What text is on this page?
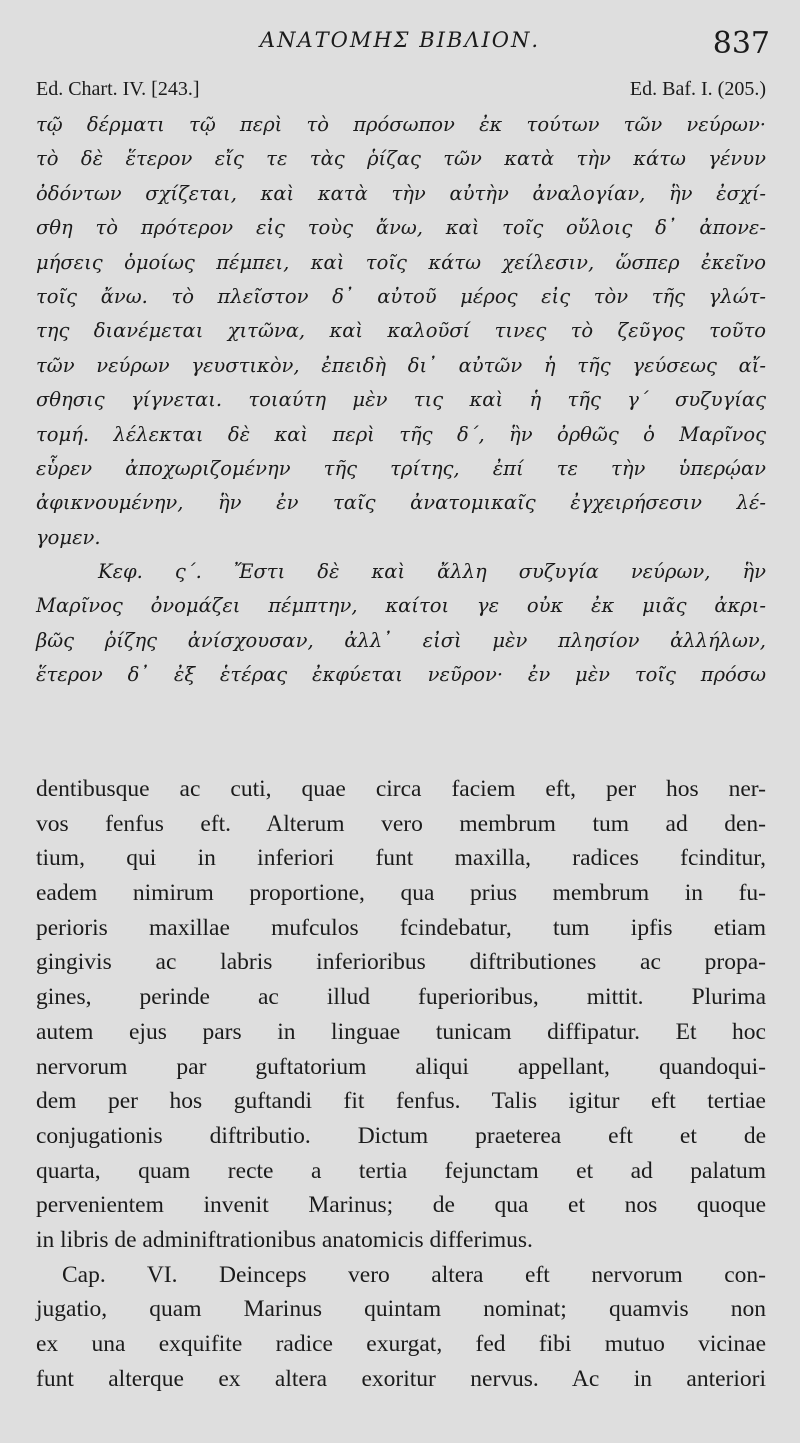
ΑΝΑΤΟΜΗΣ ΒΙΒΛΙΟΝ.	837
Ed. Chart. IV. [243.]	Ed. Baf. I. (205.)
τῷ δέρματι τῷ περὶ τὸ πρόσωπον ἐκ τούτων τῶν νεύρων·
τὸ δὲ ἕτερον εἴς τε τὰς ῥίζας τῶν κατὰ τὴν κάτω γένυν
ὀδόντων σχίζεται, καὶ κατὰ τὴν αὐτὴν ἀναλογίαν, ἣν ἐσχί-
σθη τὸ πρότερον εἰς τοὺς ἄνω, καὶ τοῖς οὔλοις δ᾽ ἀπονε-
μήσεις ὁμοίως πέμπει, καὶ τοῖς κάτω χείλεσιν, ὥσπερ ἐκεῖνο
τοῖς ἄνω. τὸ πλεῖστον δ᾽ αὐτοῦ μέρος εἰς τὸν τῆς γλώτ-
της διανέμεται χιτῶνα, καὶ καλοῦσί τινες τὸ ζεῦγος τοῦτο
τῶν νεύρων γευστικὸν, ἐπειδὴ δι᾽ αὐτῶν ἡ τῆς γεύσεως αἴ-
σθησις γίγνεται. τοιαύτη μὲν τις καὶ ἡ τῆς γ΄ συζυγίας
τομή. λέλεκται δὲ καὶ περὶ τῆς δ΄, ἣν ὀρθῶς ὁ Μαρῖνος
εὗρεν ἀποχωριζομένην τῆς τρίτης, ἐπί τε τὴν ὑπερῴαν
ἀφικνουμένην, ἣν ἐν ταῖς ἀνατομικαῖς ἐγχειρήσεσιν λέ-
γομεν.
Κεφ. ς΄. Ἔστι δὲ καὶ ἄλλη συζυγία νεύρων, ἣν
Μαρῖνος ὀνομάζει πέμπτην, καίτοι γε οὐκ ἐκ μιᾶς ἀκρι-
βῶς ῥίζης ἀνίσχουσαν, ἀλλ᾽ εἰσὶ μὲν πλησίον ἀλλήλων,
ἕτερον δ᾽ ἐξ ἑτέρας ἐκφύεται νεῦρον· ἐν μὲν τοῖς πρόσω
dentibusque ac cuti, quae circa faciem eft, per hos ner-
vos fenfus eft. Alterum vero membrum tum ad den-
tium, qui in inferiori funt maxilla, radices fcinditur,
eadem nimirum proportione, qua prius membrum in fu-
perioris maxillae mufculos fcindebatur, tum ipfis etiam
gingivis ac labris inferioribus diftributiones ac propa-
gines, perinde ac illud fuperioribus, mittit. Plurima
autem ejus pars in linguae tunicam diffipatur. Et hoc
nervorum par guftatorium aliqui appellant, quandoqui-
dem per hos guftandi fit fenfus. Talis igitur eft tertiae
conjugationis diftributio. Dictum praeterea eft et de
quarta, quam recte a tertia fejunctam et ad palatum
pervenientem invenit Marinus; de qua et nos quoque
in libris de adminiftrationibus anatomicis differimus.
Cap. VI. Deinceps vero altera eft nervorum con-
jugatio, quam Marinus quintam nominat; quamvis non
ex una exquifite radice exurgat, fed fibi mutuo vicinae
funt alterque ex altera exoritur nervus. Ac in anteriori
